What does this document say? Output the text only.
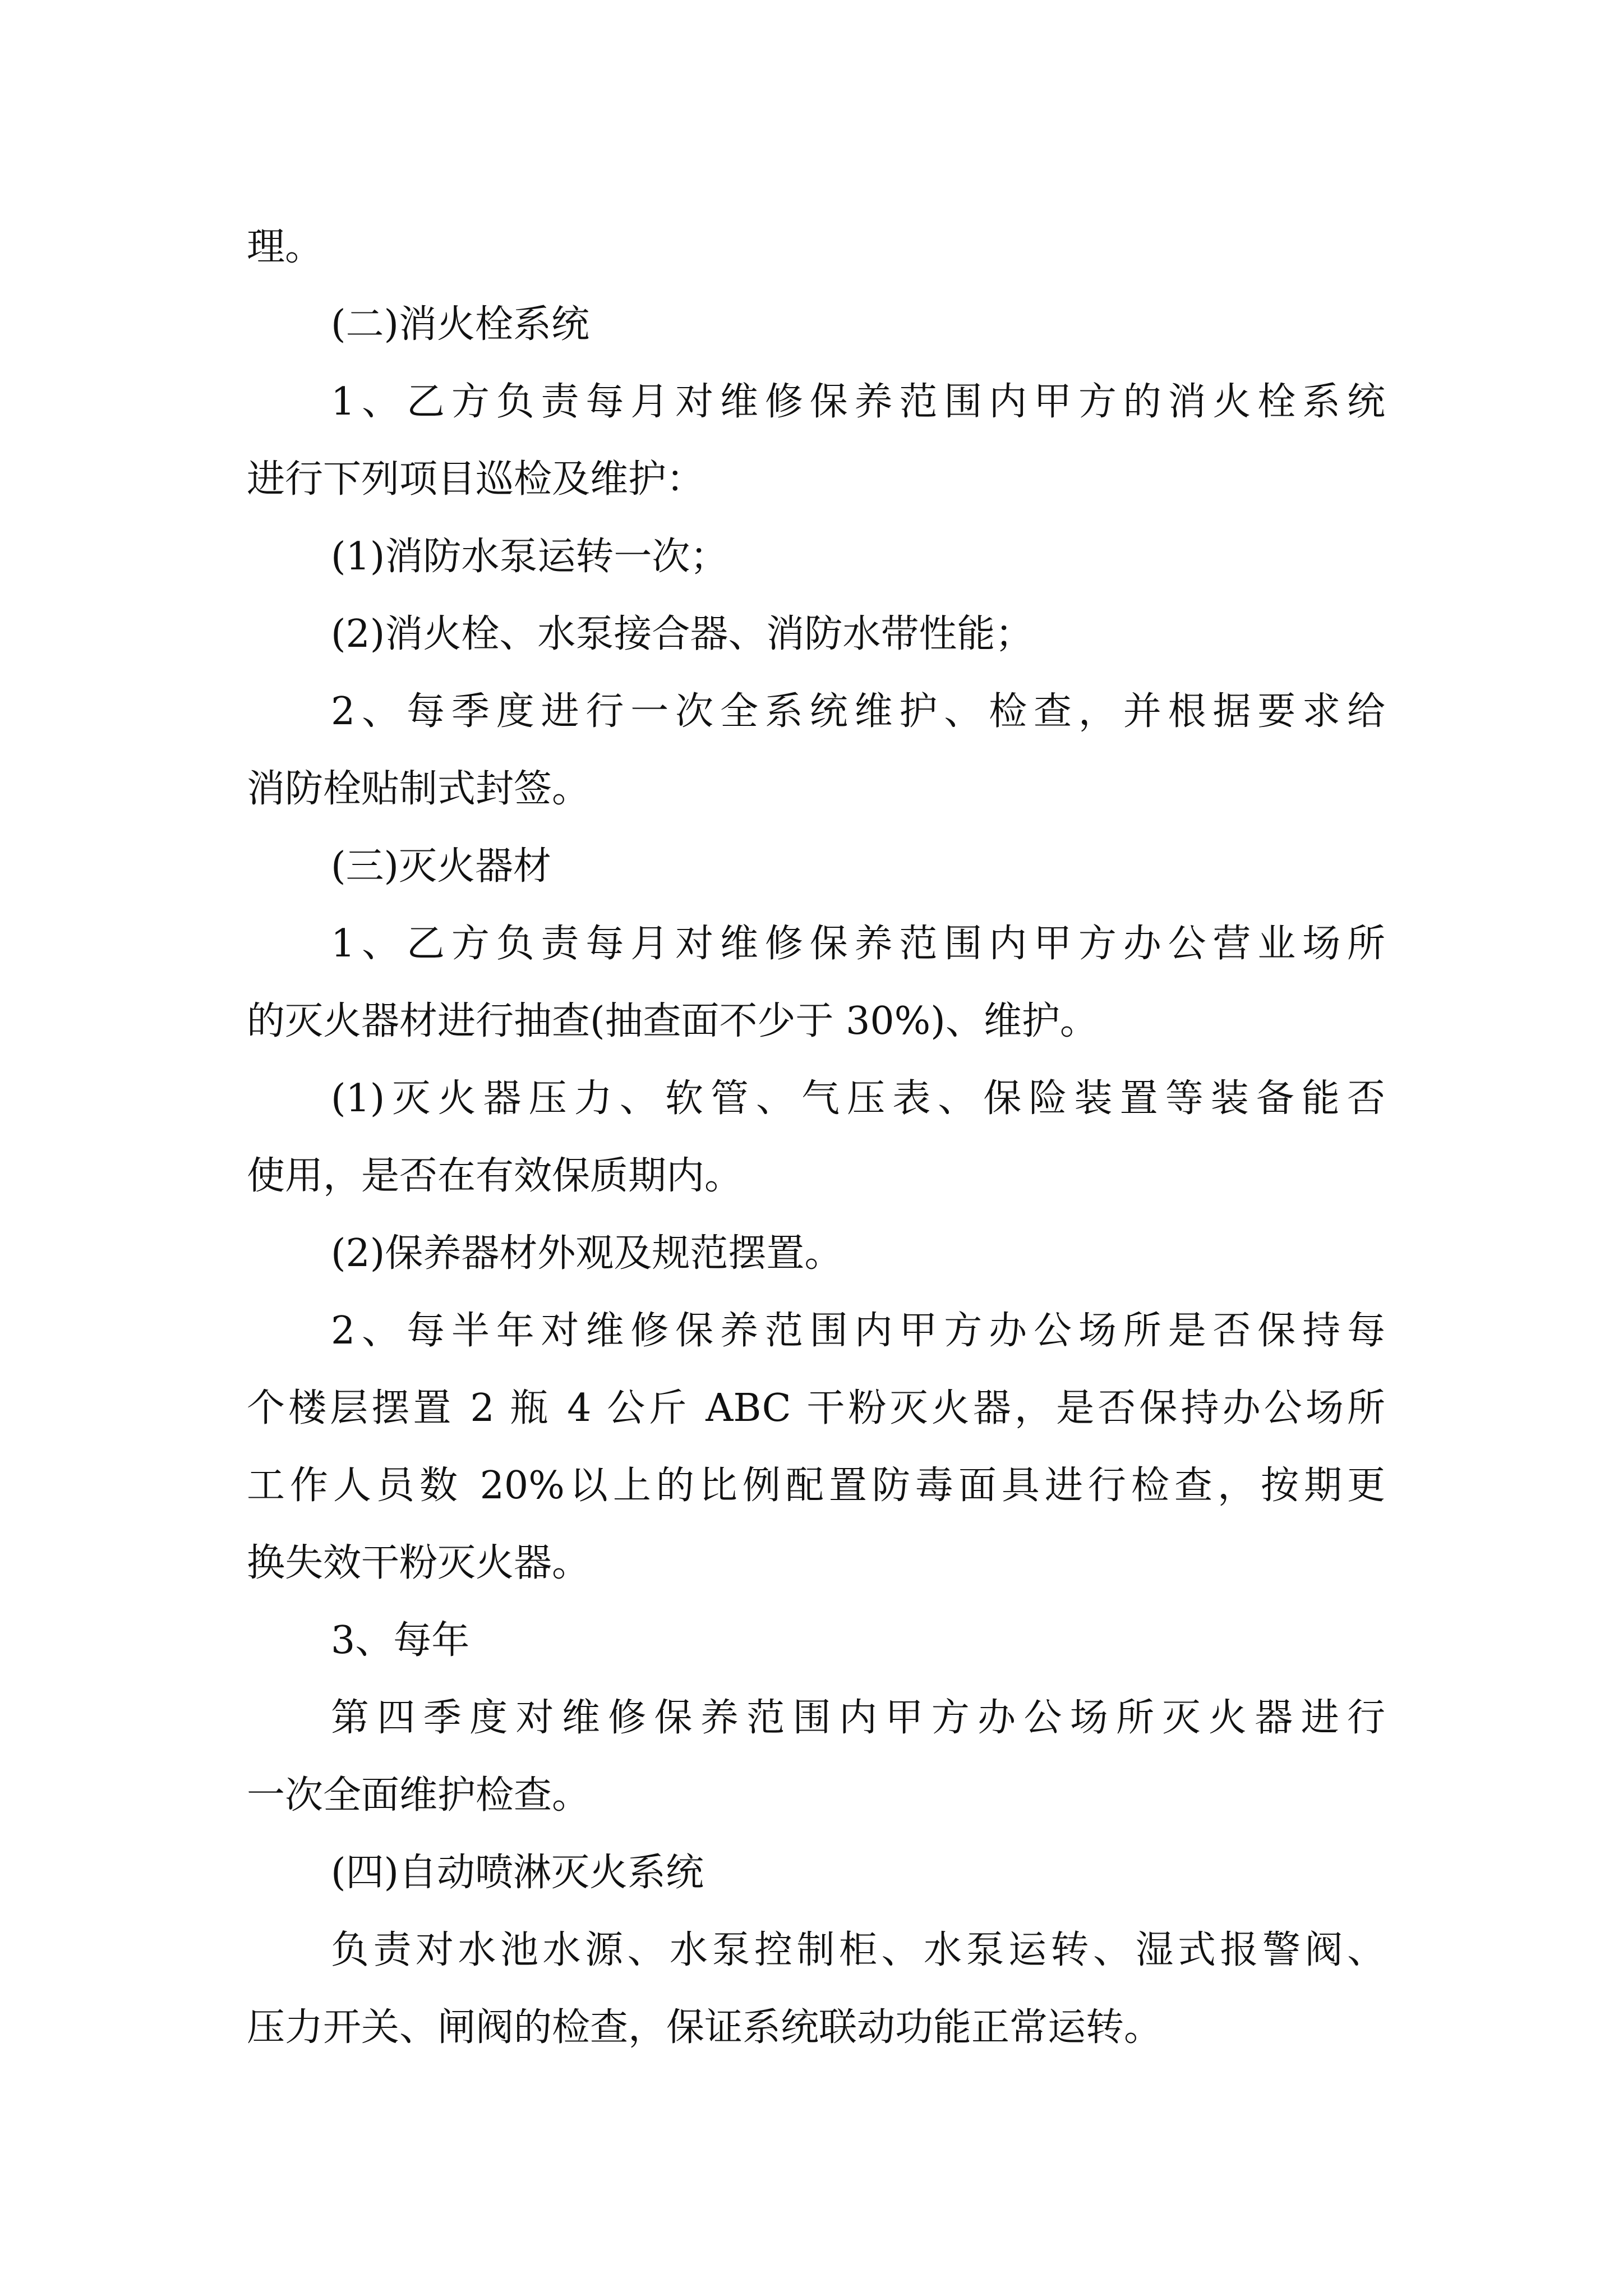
理。
(二)消火栓系统
1、乙方负责每月对维修保养范围内甲方的消火栓系统
进行下列项目巡检及维护：
(1)消防水泵运转一次；
(2)消火栓、水泵接合器、消防水带性能；
2、每季度进行一次全系统维护、检查，并根据要求给
消防栓贴制式封签。
(三)灭火器材
1、乙方负责每月对维修保养范围内甲方办公营业场所
的灭火器材进行抽查(抽查面不少于 30%)、维护。
(1)灭火器压力、软管、气压表、保险装置等装备能否
使用，是否在有效保质期内。
(2)保养器材外观及规范摆置。
2、每半年对维修保养范围内甲方办公场所是否保持每
个楼层摆置 2 瓶 4 公斤 ABC 干粉灭火器，是否保持办公场所
工作人员数 20%以上的比例配置防毒面具进行检查，按期更
换失效干粉灭火器。
3、每年
第四季度对维修保养范围内甲方办公场所灭火器进行
一次全面维护检查。
(四)自动喷淋灭火系统
负责对水池水源、水泵控制柜、水泵运转、湿式报警阀、
压力开关、闸阀的检查，保证系统联动功能正常运转。
